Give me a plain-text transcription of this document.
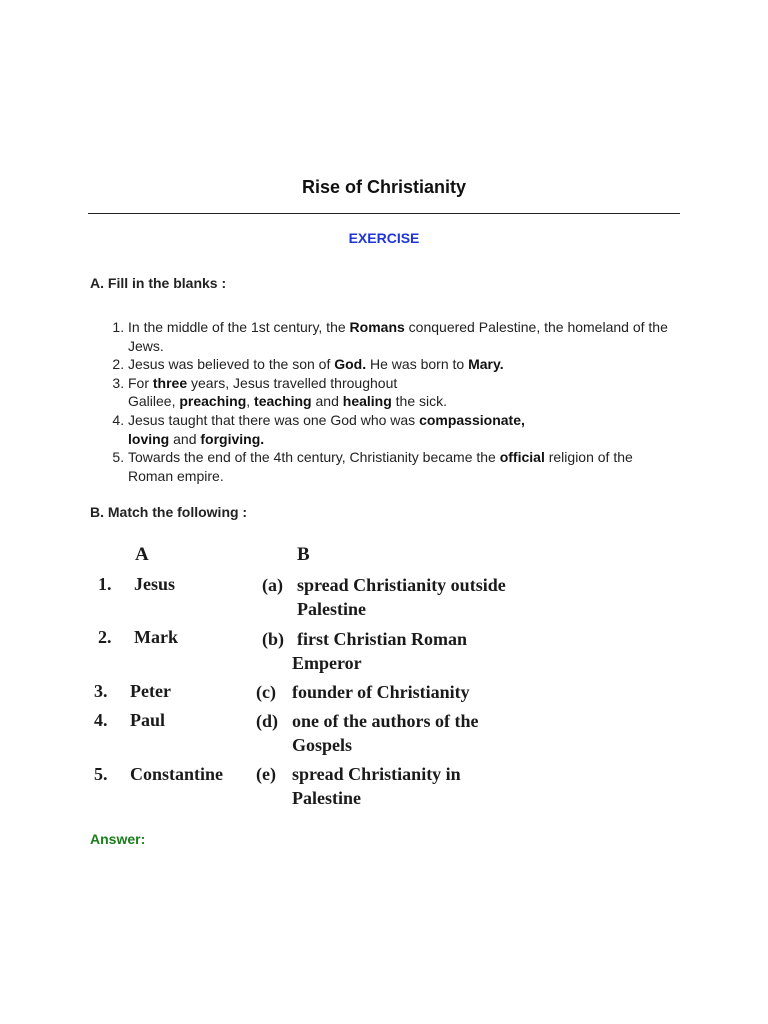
Rise of Christianity
EXERCISE
A. Fill in the blanks :
1. In the middle of the 1st century, the Romans conquered Palestine, the homeland of the Jews.
2. Jesus was believed to the son of God. He was born to Mary.
3. For three years, Jesus travelled throughout
Galilee, preaching, teaching and healing the sick.
4. Jesus taught that there was one God who was compassionate,
loving and forgiving.
5. Towards the end of the 4th century, Christianity became the official religion of the Roman empire.
B. Match the following :
A	B
1. Jesus	(a) spread Christianity outside
Palestine
2. Mark	(b) first Christian Roman
Emperor
3. Peter	(c) founder of Christianity
4. Paul	(d) one of the authors of the
Gospels
5. Constantine (e) spread Christianity in
Palestine
Answer:
